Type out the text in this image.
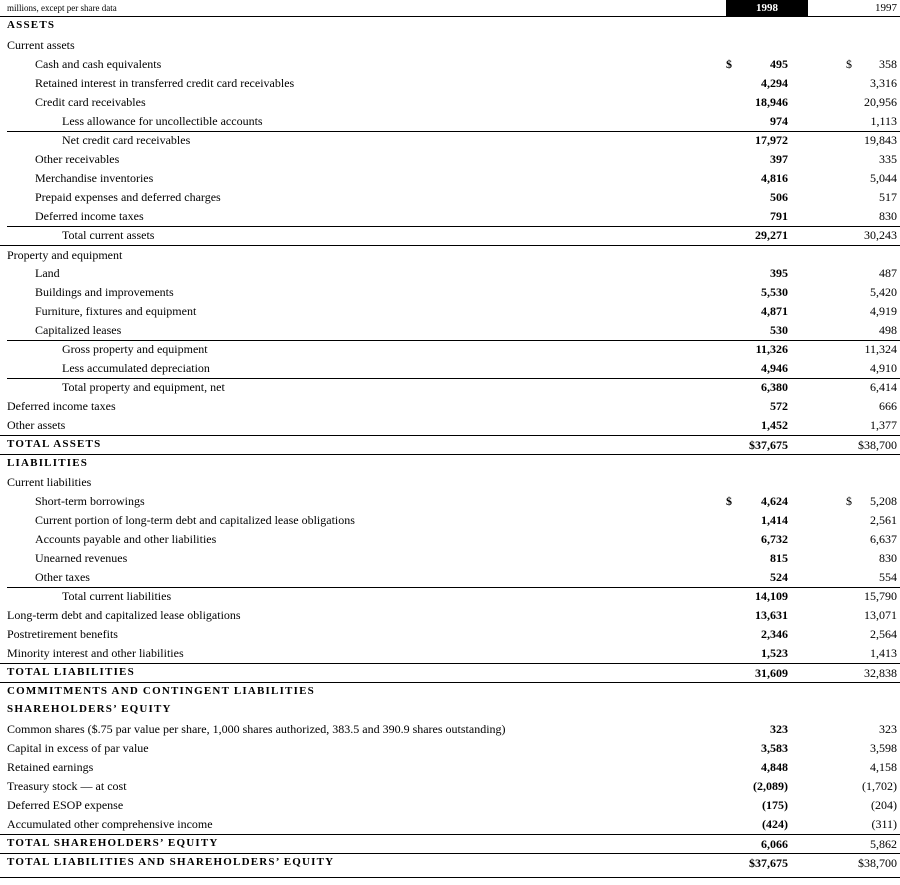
millions, except per share data	1998	1997
ASSETS
Current assets
Cash and cash equivalents	$	495	$ 358
Retained interest in transferred credit card receivables	4,294	3,316
Credit card receivables	18,946	20,956
Less allowance for uncollectible accounts	974	1,113
Net credit card receivables	17,972	19,843
Other receivables	397	335
Merchandise inventories	4,816	5,044
Prepaid expenses and deferred charges	506	517
Deferred income taxes	791	830
Total current assets	29,271	30,243
Property and equipment
Land	395	487
Buildings and improvements	5,530	5,420
Furniture, fixtures and equipment	4,871	4,919
Capitalized leases	530	498
Gross property and equipment	11,326	11,324
Less accumulated depreciation	4,946	4,910
Total property and equipment, net	6,380	6,414
Deferred income taxes	572	666
Other assets	1,452	1,377
TOTAL ASSETS	$37,675	$38,700
LIABILITIES
Current liabilities
Short-term borrowings	$ 4,624	$ 5,208
Current portion of long-term debt and capitalized lease obligations	1,414	2,561
Accounts payable and other liabilities	6,732	6,637
Unearned revenues	815	830
Other taxes	524	554
Total current liabilities	14,109	15,790
Long-term debt and capitalized lease obligations	13,631	13,071
Postretirement benefits	2,346	2,564
Minority interest and other liabilities	1,523	1,413
TOTAL LIABILITIES	31,609	32,838
COMMITMENTS AND CONTINGENT LIABILITIES
SHAREHOLDERS’ EQUITY
Common shares ($.75 par value per share, 1,000 shares authorized, 383.5 and 390.9 shares outstanding)	323	323
Capital in excess of par value	3,583	3,598
Retained earnings	4,848	4,158
Treasury stock — at cost	(2,089)	(1,702)
Deferred ESOP expense	(175)	(204)
Accumulated other comprehensive income	(424)	(311)
TOTAL SHAREHOLDERS’ EQUITY	6,066	5,862
TOTAL LIABILITIES AND SHAREHOLDERS’ EQUITY	$37,675	$38,700
